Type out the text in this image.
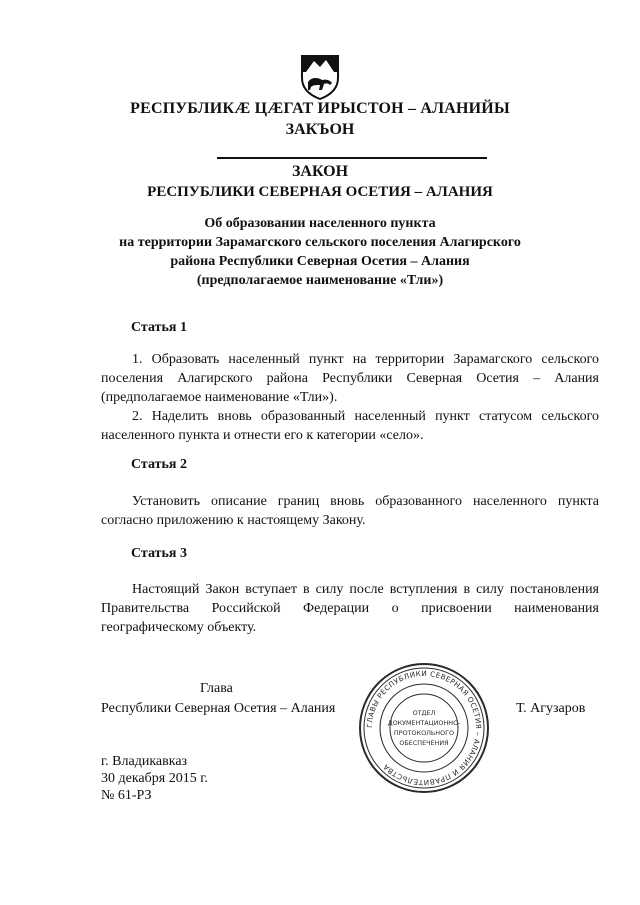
РЕСПУБЛИКÆ ЦÆГАТ ИРЫСТОН – АЛАНИЙЫ
ЗАКЪОН
ЗАКОН
РЕСПУБЛИКИ СЕВЕРНАЯ ОСЕТИЯ – АЛАНИЯ
Об образовании населенного пункта
на территории Зарамагского сельского поселения Алагирского
района Республики Северная Осетия – Алания
(предполагаемое наименование «Тли»)
Статья 1

1. Образовать населенный пункт на территории Зарамагского сельского поселения Алагирского района Республики Северная Осетия – Алания (предполагаемое наименование «Тли»).

2. Наделить вновь образованный населенный пункт статусом сельского населенного пункта и отнести его к категории «село».

Статья 2

Установить описание границ вновь образованного населенного пункта согласно приложению к настоящему Закону.

Статья 3

Настоящий Закон вступает в силу после вступления в силу постановления Правительства Российской Федерации о присвоении наименования географическому объекту.

Глава
Республики Северная Осетия – Алания	Т. Агузаров
ГЛАВЫ РЕСПУБЛИКИ СЕВЕРНАЯ ОСЕТИЯ – АЛАНИЯ И ПРАВИТЕЛЬСТВА
ОТДЕЛ
ДОКУМЕНТАЦИОННО-
ПРОТОКОЛЬНОГО
ОБЕСПЕЧЕНИЯ
г. Владикавказ
30 декабря 2015 г.
№ 61-РЗ
